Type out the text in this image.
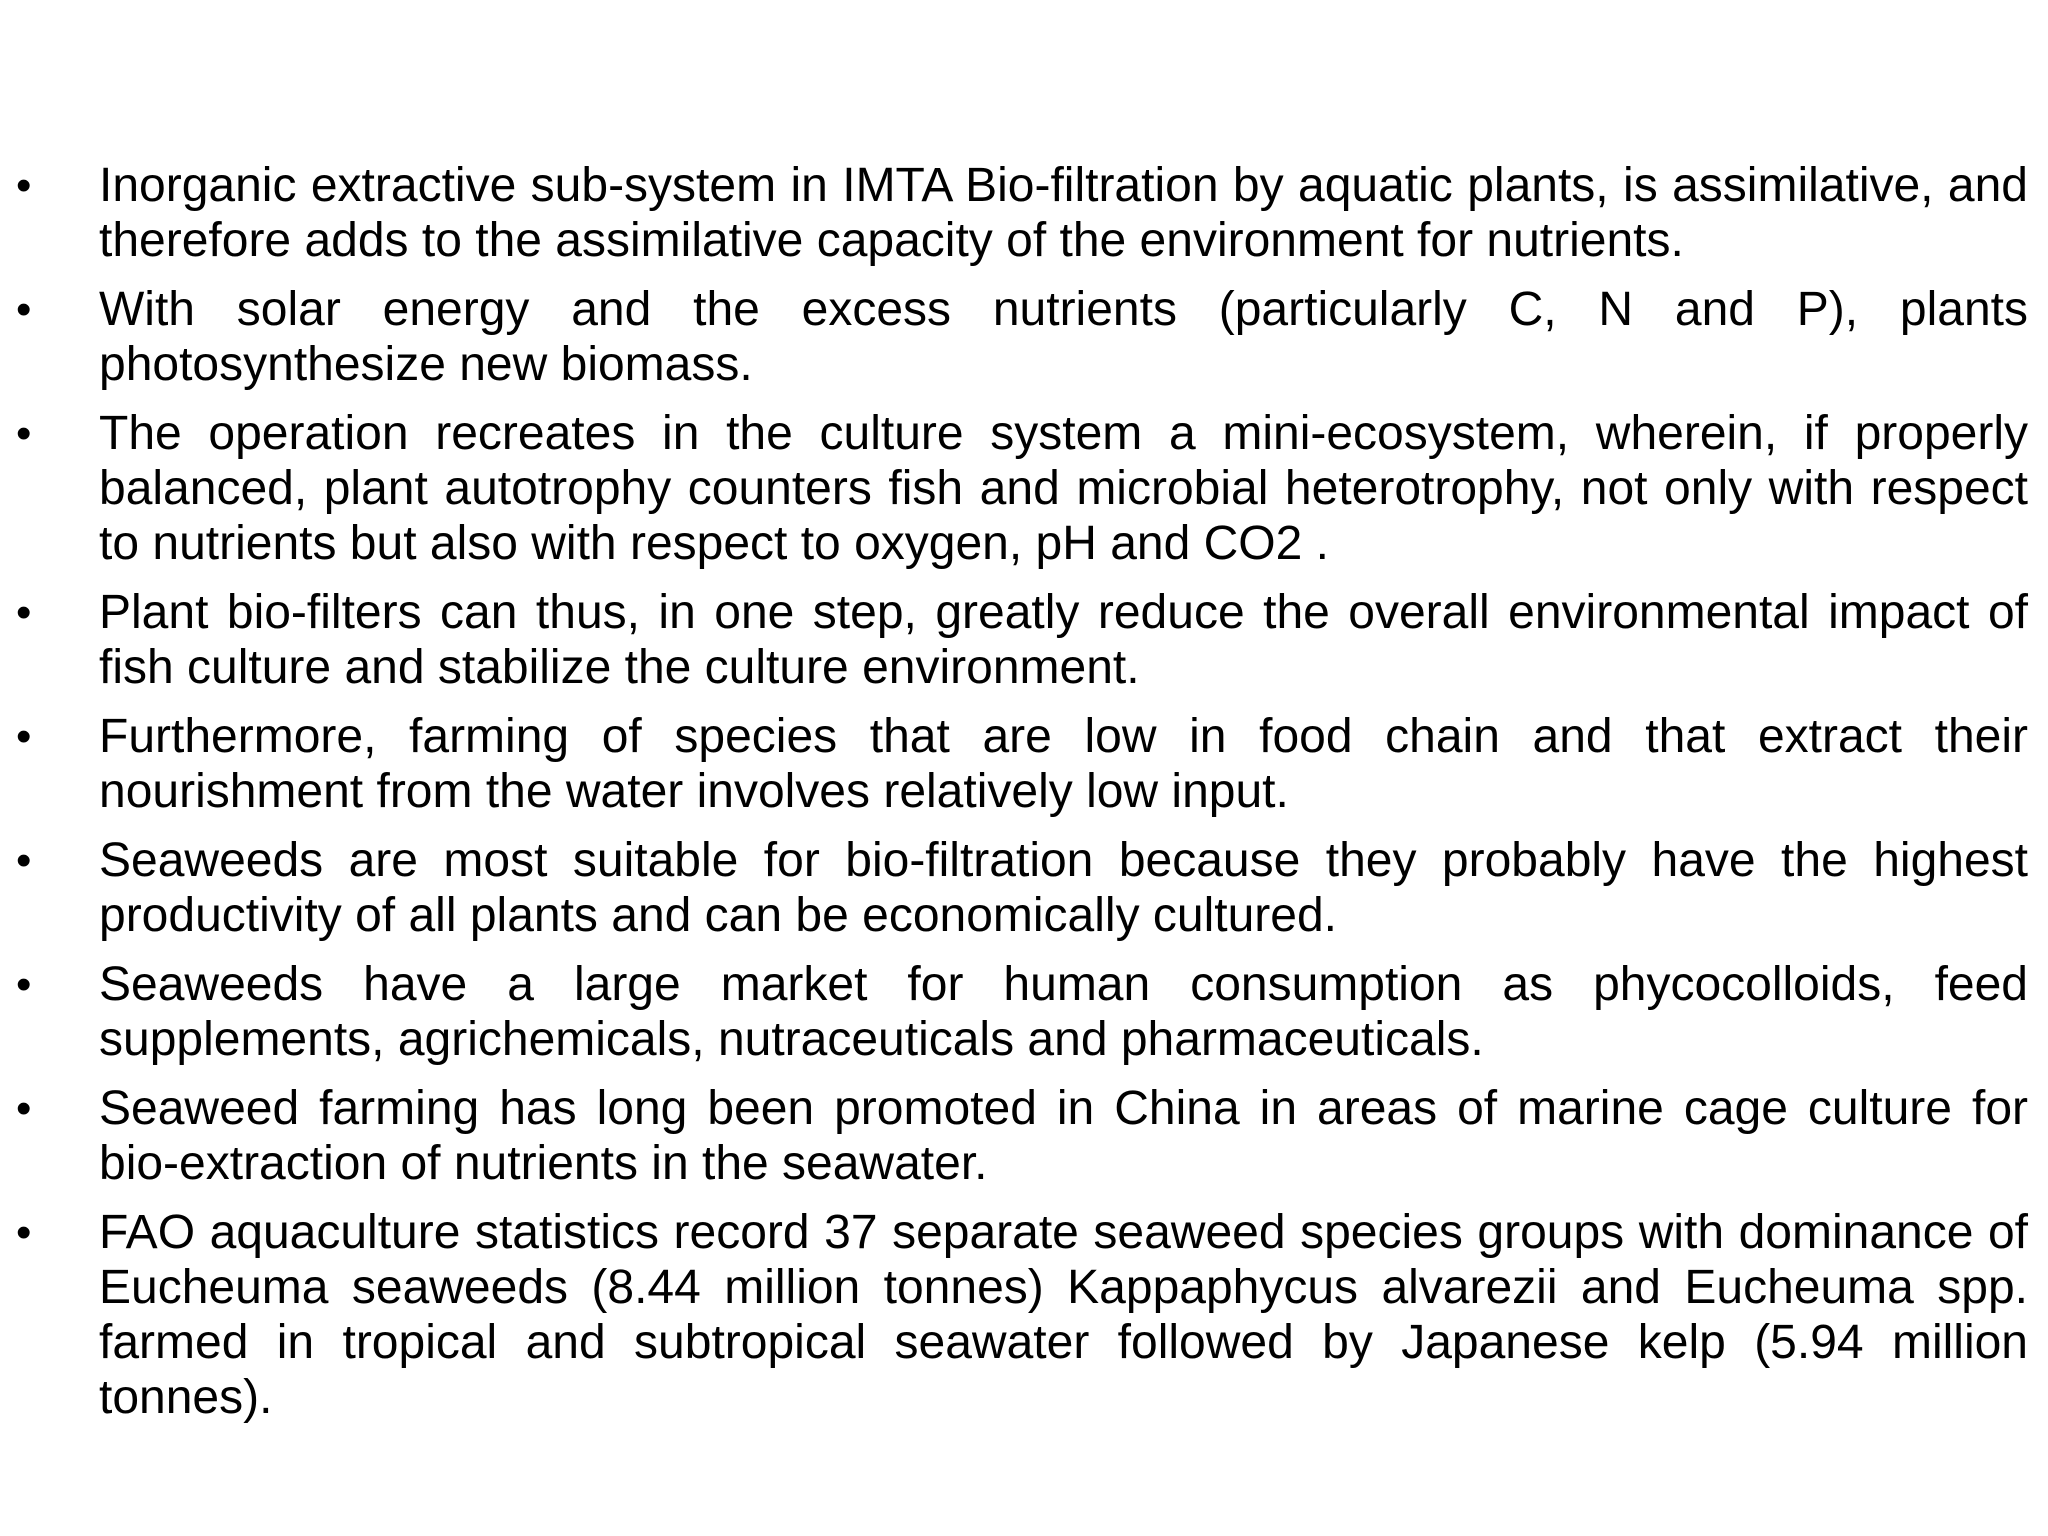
•	Inorganic extractive sub-system in IMTA Bio-filtration by aquatic plants, is assimilative, and therefore adds to the assimilative capacity of the environment for nutrients.
•	With solar energy and the excess nutrients (particularly C, N and P), plants photosynthesize new biomass.
•	The operation recreates in the culture system a mini-ecosystem, wherein, if properly balanced, plant autotrophy counters fish and microbial heterotrophy, not only with respect to nutrients but also with respect to oxygen, pH and CO2 .
•	Plant bio-filters can thus, in one step, greatly reduce the overall environmental impact of fish culture and stabilize the culture environment.
•	Furthermore, farming of species that are low in food chain and that extract their nourishment from the water involves relatively low input.
•	Seaweeds are most suitable for bio-filtration because they probably have the highest productivity of all plants and can be economically cultured.
•	Seaweeds have a large market for human consumption as phycocolloids, feed supplements, agrichemicals, nutraceuticals and pharmaceuticals.
•	Seaweed farming has long been promoted in China in areas of marine cage culture for bio-extraction of nutrients in the seawater.
•	FAO aquaculture statistics record 37 separate seaweed species groups with dominance of Eucheuma seaweeds (8.44 million tonnes) Kappaphycus alvarezii and Eucheuma spp. farmed in tropical and subtropical seawater followed by Japanese kelp (5.94 million tonnes).
